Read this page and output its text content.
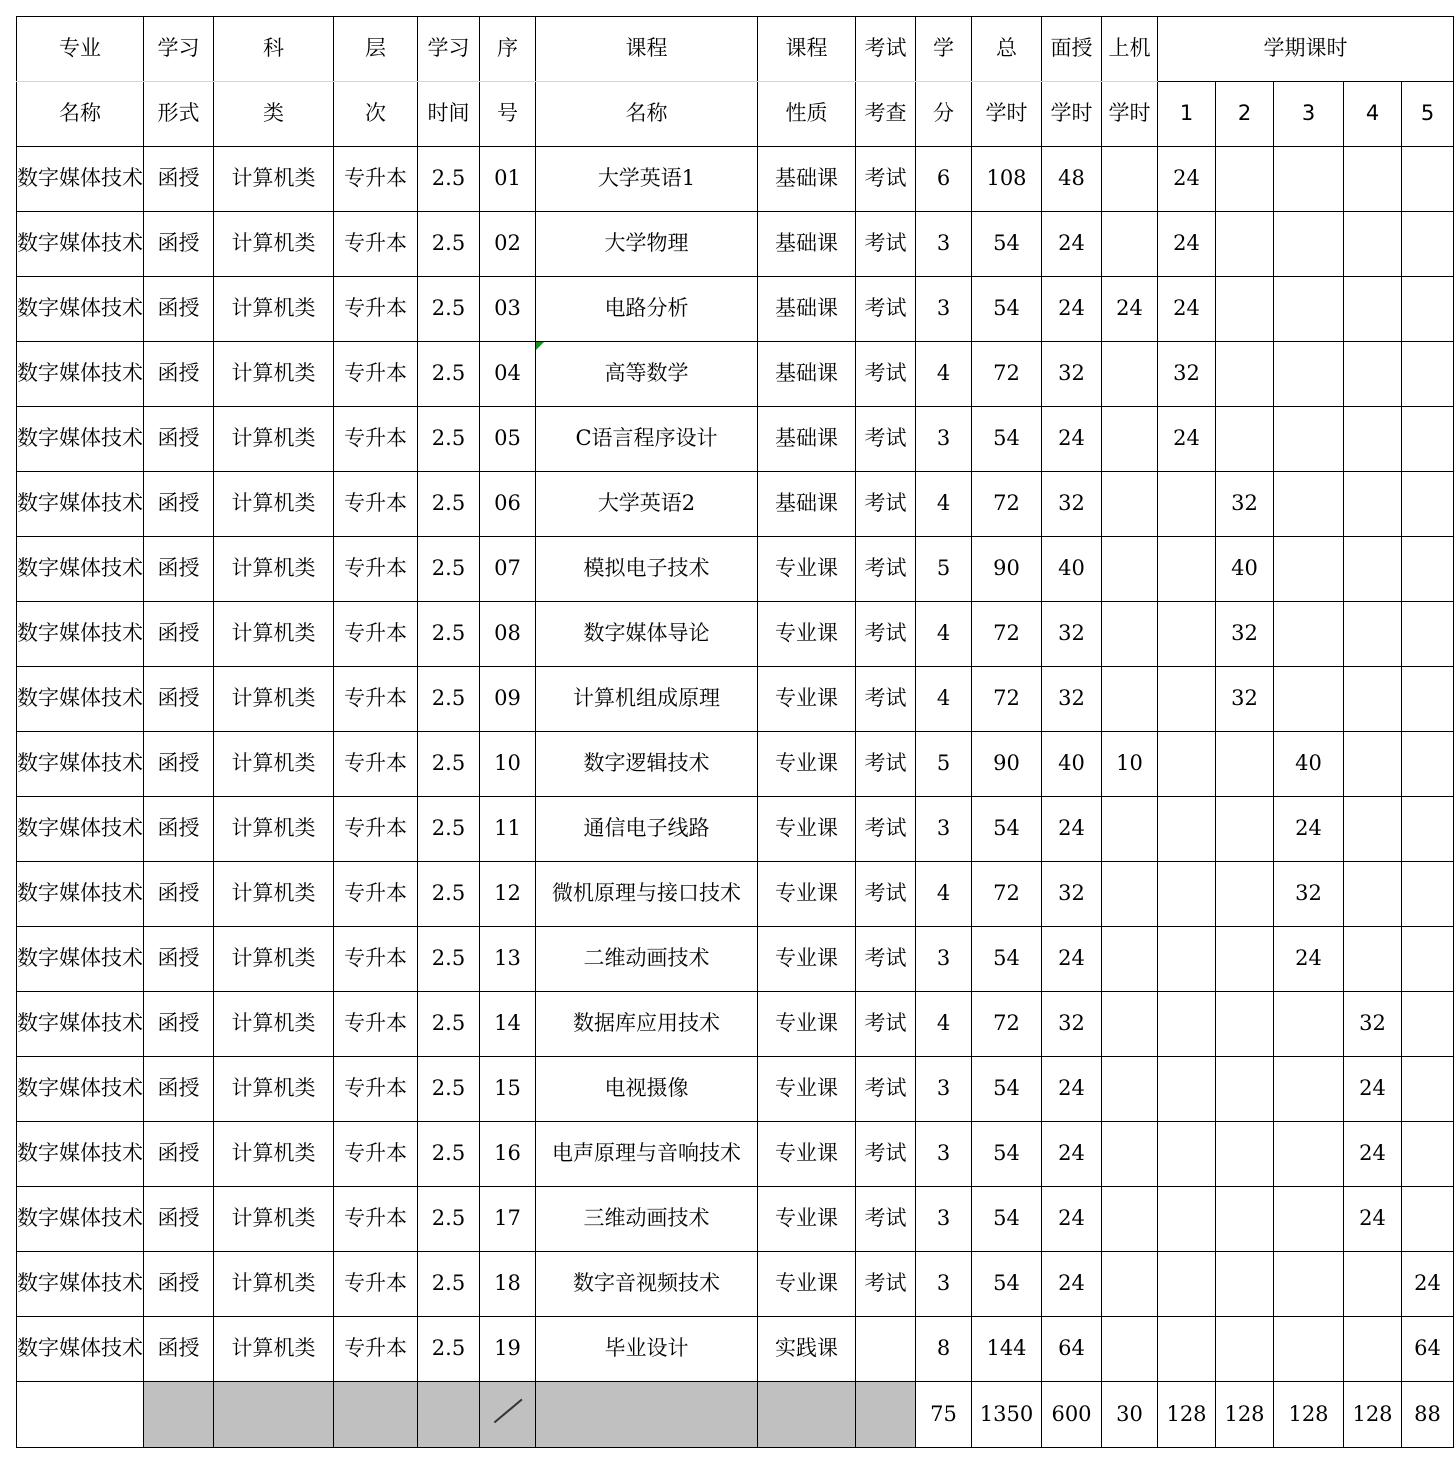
专业	学习	科	层	学习	序	课程	课程	考试	学	总	面授	上机	学期课时				
名称	形式	类	次	时间	号	名称	性质	考查	分	学时	学时	学时	1	2	3	4	5
数字媒体技术	函授	计算机类	专升本	2.5	01	大学英语1	基础课	考试	6	108	48		24				
数字媒体技术	函授	计算机类	专升本	2.5	02	大学物理	基础课	考试	3	54	24		24				
数字媒体技术	函授	计算机类	专升本	2.5	03	电路分析	基础课	考试	3	54	24	24	24				
数字媒体技术	函授	计算机类	专升本	2.5	04	高等数学	基础课	考试	4	72	32		32				
数字媒体技术	函授	计算机类	专升本	2.5	05	C语言程序设计	基础课	考试	3	54	24		24				
数字媒体技术	函授	计算机类	专升本	2.5	06	大学英语2	基础课	考试	4	72	32			32			
数字媒体技术	函授	计算机类	专升本	2.5	07	模拟电子技术	专业课	考试	5	90	40			40			
数字媒体技术	函授	计算机类	专升本	2.5	08	数字媒体导论	专业课	考试	4	72	32			32			
数字媒体技术	函授	计算机类	专升本	2.5	09	计算机组成原理	专业课	考试	4	72	32			32			
数字媒体技术	函授	计算机类	专升本	2.5	10	数字逻辑技术	专业课	考试	5	90	40	10			40		
数字媒体技术	函授	计算机类	专升本	2.5	11	通信电子线路	专业课	考试	3	54	24				24		
数字媒体技术	函授	计算机类	专升本	2.5	12	微机原理与接口技术	专业课	考试	4	72	32				32		
数字媒体技术	函授	计算机类	专升本	2.5	13	二维动画技术	专业课	考试	3	54	24				24		
数字媒体技术	函授	计算机类	专升本	2.5	14	数据库应用技术	专业课	考试	4	72	32					32	
数字媒体技术	函授	计算机类	专升本	2.5	15	电视摄像	专业课	考试	3	54	24					24	
数字媒体技术	函授	计算机类	专升本	2.5	16	电声原理与音响技术	专业课	考试	3	54	24					24	
数字媒体技术	函授	计算机类	专升本	2.5	17	三维动画技术	专业课	考试	3	54	24					24	
数字媒体技术	函授	计算机类	专升本	2.5	18	数字音视频技术	专业课	考试	3	54	24						24
数字媒体技术	函授	计算机类	专升本	2.5	19	毕业设计	实践课		8	144	64						64
									75	1350	600	30	128	128	128	128	88
